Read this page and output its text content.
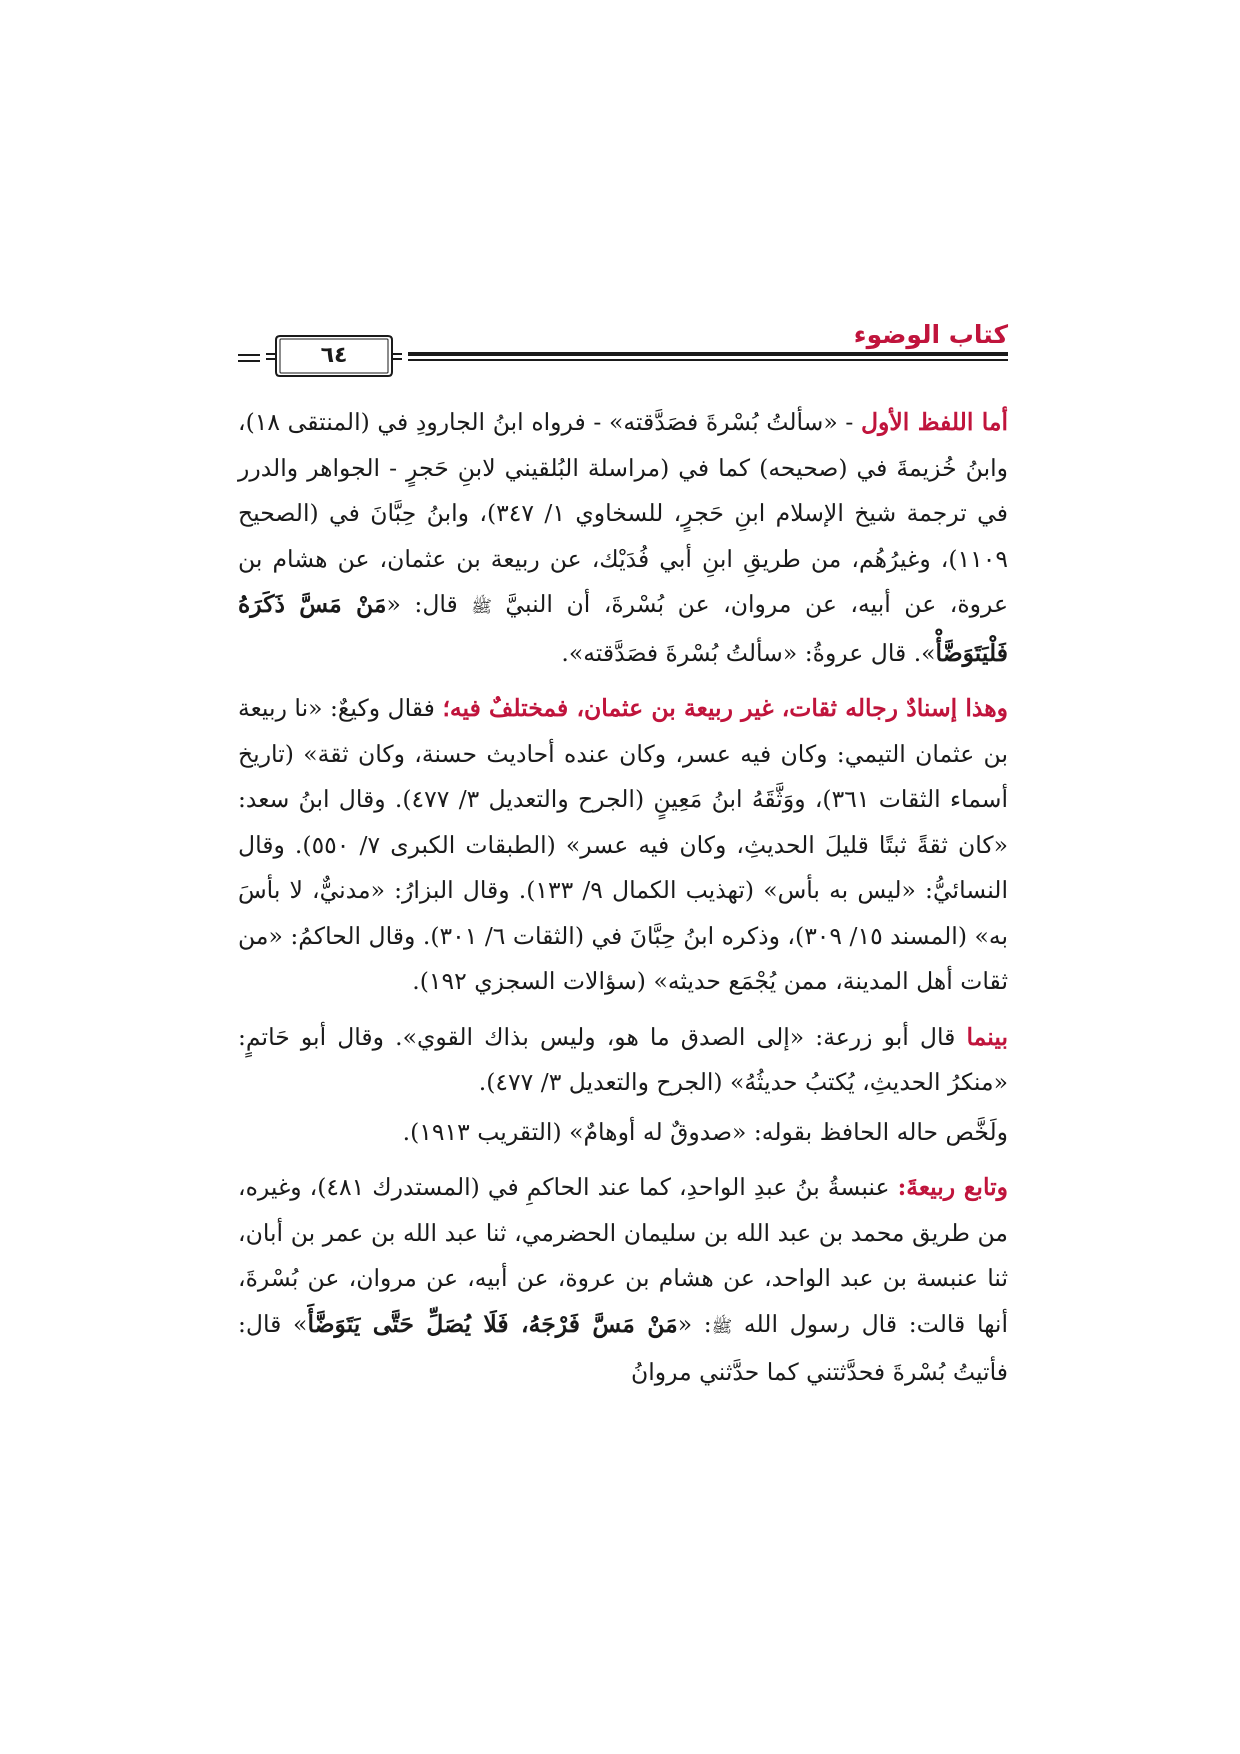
كتاب الوضوء
٦٤

أما اللفظ الأول - «سألتُ بُسْرةَ فصَدَّقته» - فرواه ابنُ الجارودِ في (المنتقى ١٨)، وابنُ خُزيمةَ في (صحيحه) كما في (مراسلة البُلقيني لابنِ حَجرٍ - الجواهر والدرر في ترجمة شيخ الإسلام ابنِ حَجرٍ، للسخاوي ١/ ٣٤٧)، وابنُ حِبَّانَ في (الصحيح ١١٠٩)، وغيرُهُم، من طريقِ ابنِ أبي فُدَيْك، عن ربيعة بن عثمان، عن هشام بن عروة، عن أبيه، عن مروان، عن بُسْرةَ، أن النبيَّ ﷺ قال: «مَنْ مَسَّ ذَكَرَهُ فَلْيَتَوَضَّأْ». قال عروةُ: «سألتُ بُسْرةَ فصَدَّقته».

وهذا إسنادٌ رجاله ثقات، غير ربيعة بن عثمان، فمختلفٌ فيه؛ فقال وكيعٌ: «نا ربيعة بن عثمان التيمي: وكان فيه عسر، وكان عنده أحاديث حسنة، وكان ثقة» (تاريخ أسماء الثقات ٣٦١)، ووَثَّقَهُ ابنُ مَعِينٍ (الجرح والتعديل ٣/ ٤٧٧). وقال ابنُ سعد: «كان ثقةً ثبتًا قليلَ الحديثِ، وكان فيه عسر» (الطبقات الكبرى ٧/ ٥٥٠). وقال النسائيُّ: «ليس به بأس» (تهذيب الكمال ٩/ ١٣٣). وقال البزارُ: «مدنيٌّ، لا بأسَ به» (المسند ١٥/ ٣٠٩)، وذكره ابنُ حِبَّانَ في (الثقات ٦/ ٣٠١). وقال الحاكمُ: «من ثقات أهل المدينة، ممن يُجْمَع حديثه» (سؤالات السجزي ١٩٢).

بينما قال أبو زرعة: «إلى الصدق ما هو، وليس بذاك القوي». وقال أبو حَاتمٍ: «منكرُ الحديثِ، يُكتبُ حديثُهُ» (الجرح والتعديل ٣/ ٤٧٧).

ولَخَّص حاله الحافظ بقوله: «صدوقٌ له أوهامٌ» (التقريب ١٩١٣).

وتابع ربيعةَ: عنبسةُ بنُ عبدِ الواحدِ، كما عند الحاكمِ في (المستدرك ٤٨١)، وغيره، من طريق محمد بن عبد الله بن سليمان الحضرمي، ثنا عبد الله بن عمر بن أبان، ثنا عنبسة بن عبد الواحد، عن هشام بن عروة، عن أبيه، عن مروان، عن بُسْرةَ، أنها قالت: قال رسول الله ﷺ: «مَنْ مَسَّ فَرْجَهُ، فَلَا يُصَلِّ حَتَّى يَتَوَضَّأَ» قال: فأتيتُ بُسْرةَ فحدَّثتني كما حدَّثني مروانُ
